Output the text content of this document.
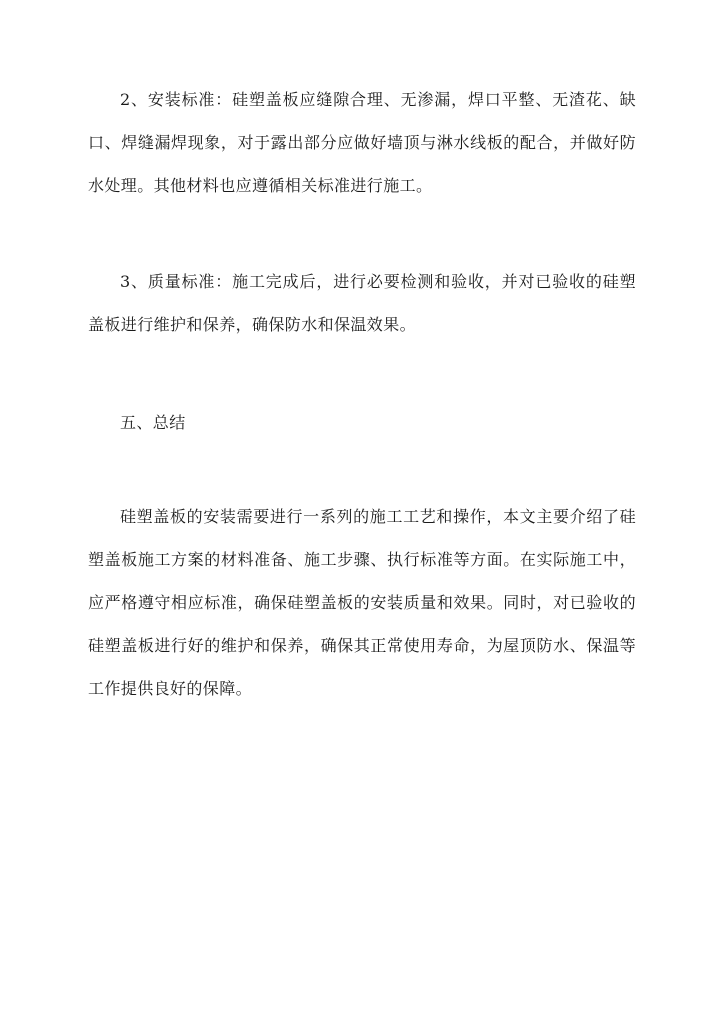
2、安装标准：硅塑盖板应缝隙合理、无渗漏，焊口平整、无渣花、缺口、焊缝漏焊现象，对于露出部分应做好墙顶与淋水线板的配合，并做好防水处理。其他材料也应遵循相关标准进行施工。

3、质量标准：施工完成后，进行必要检测和验收，并对已验收的硅塑盖板进行维护和保养，确保防水和保温效果。

五、总结

硅塑盖板的安装需要进行一系列的施工工艺和操作，本文主要介绍了硅塑盖板施工方案的材料准备、施工步骤、执行标准等方面。在实际施工中，应严格遵守相应标准，确保硅塑盖板的安装质量和效果。同时，对已验收的硅塑盖板进行好的维护和保养，确保其正常使用寿命，为屋顶防水、保温等工作提供良好的保障。
